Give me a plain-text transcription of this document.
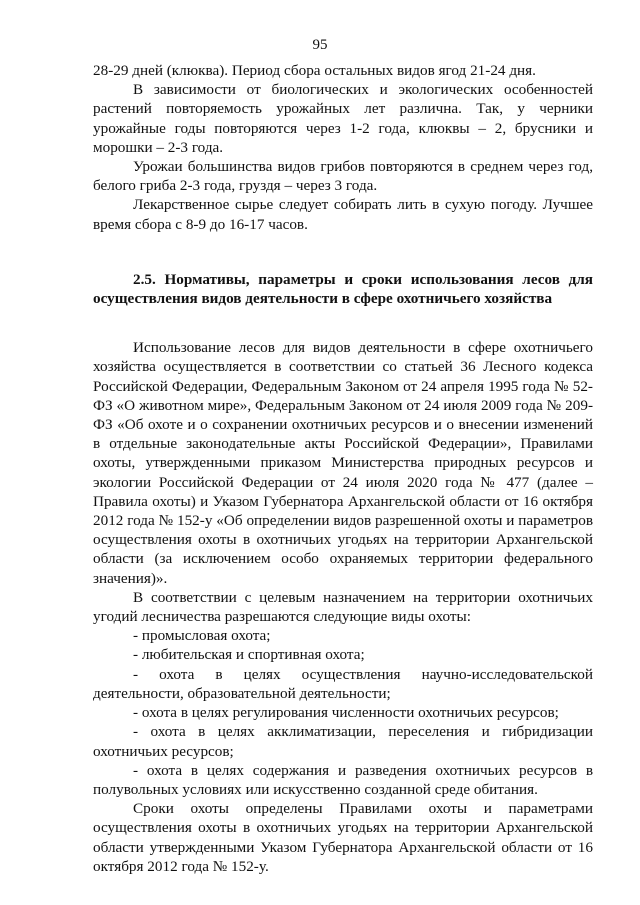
95

28-29 дней (клюква). Период сбора остальных видов ягод 21-24 дня.

В зависимости от биологических и экологических особенностей растений повторяемость урожайных лет различна. Так, у черники урожайные годы повторяются через 1-2 года, клюквы – 2, брусники и морошки – 2-3 года.

Урожаи большинства видов грибов повторяются в среднем через год, белого гриба 2-3 года, груздя – через 3 года.

Лекарственное сырье следует собирать лить в сухую погоду. Лучшее время сбора с 8-9 до 16-17 часов.

2.5. Нормативы, параметры и сроки использования лесов для осуществления видов деятельности в сфере охотничьего хозяйства

Использование лесов для видов деятельности в сфере охотничьего хозяйства осуществляется в соответствии со статьей 36 Лесного кодекса Российской Федерации, Федеральным Законом от 24 апреля 1995 года № 52-ФЗ «О животном мире», Федеральным Законом от 24 июля 2009 года № 209-ФЗ «Об охоте и о сохранении охотничьих ресурсов и о внесении изменений в отдельные законодательные акты Российской Федерации», Правилами охоты, утвержденными приказом Министерства природных ресурсов и экологии Российской Федерации от 24 июля 2020 года № 477 (далее – Правила охоты) и Указом Губернатора Архангельской области от 16 октября 2012 года № 152-у «Об определении видов разрешенной охоты и параметров осуществления охоты в охотничьих угодьях на территории Архангельской области (за исключением особо охраняемых территории федерального значения)».

В соответствии с целевым назначением на территории охотничьих угодий лесничества разрешаются следующие виды охоты:

- промысловая охота;

- любительская и спортивная охота;

- охота в целях осуществления научно-исследовательской деятельности, образовательной деятельности;

- охота в целях регулирования численности охотничьих ресурсов;

- охота в целях акклиматизации, переселения и гибридизации охотничьих ресурсов;

- охота в целях содержания и разведения охотничьих ресурсов в полувольных условиях или искусственно созданной среде обитания.

Сроки охоты определены Правилами охоты и параметрами осуществления охоты в охотничьих угодьях на территории Архангельской области утвержденными Указом Губернатора Архангельской области от 16 октября 2012 года № 152-у.
